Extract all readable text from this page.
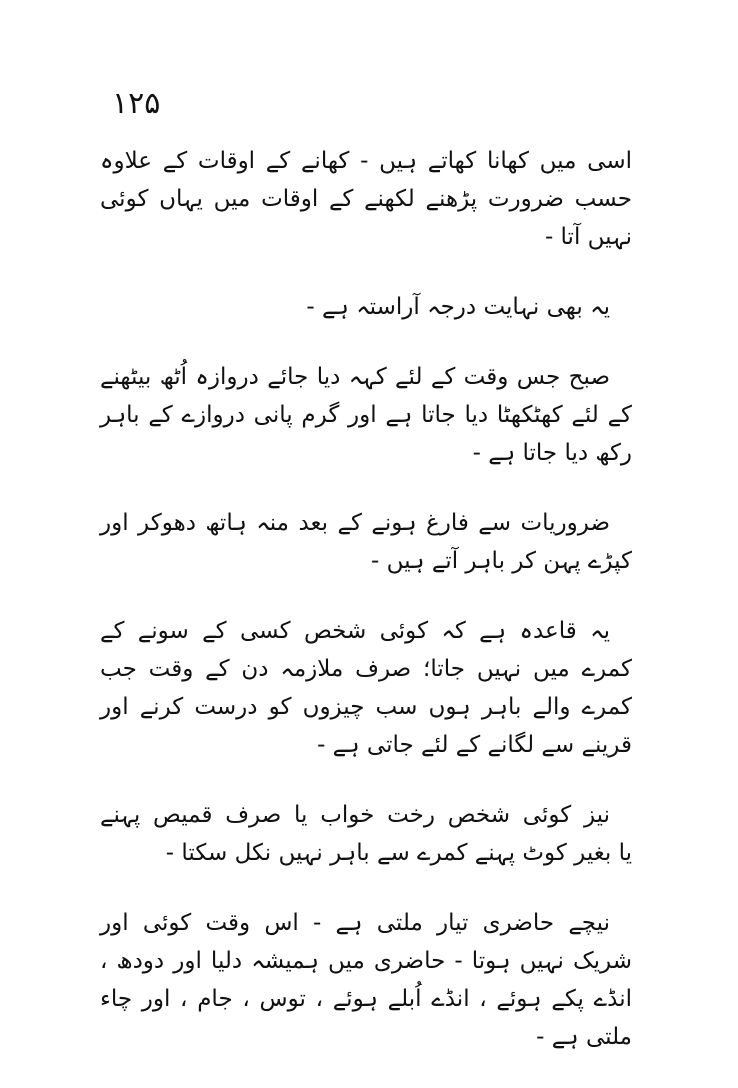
۱۲۵
اسی میں کھانا کھاتے ہیں - کھانے کے اوقات کے علاوہ
حسب ضرورت پڑھنے لکھنے کے اوقات میں یہاں کوئی
نہیں آتا -
یہ بھی نہایت درجہ آراستہ ہے -
صبح جس وقت کے لئے کہہ دیا جائے دروازہ اُٹھ بیٹھنے
کے لئے کھٹکھٹا دیا جاتا ہے اور گرم پانی دروازے کے باہر
رکھ دیا جاتا ہے -
ضروریات سے فارغ ہونے کے بعد منہ ہاتھ دھوکر اور
کپڑے پہن کر باہر آتے ہیں -
یہ قاعدہ ہے کہ کوئی شخص کسی کے سونے کے
کمرے میں نہیں جاتا؛ صرف ملازمہ دن کے وقت جب
کمرے والے باہر ہوں سب چیزوں کو درست کرنے اور
قرینے سے لگانے کے لئے جاتی ہے -
نیز کوئی شخص رخت خواب یا صرف قمیص پہنے
یا بغیر کوٹ پہنے کمرے سے باہر نہیں نکل سکتا -
نیچے حاضری تیار ملتی ہے - اس وقت کوئی اور
شریک نہیں ہوتا - حاضری میں ہمیشہ دلیا اور دودھ ،
انڈے پکے ہوئے ، انڈے اُبلے ہوئے ، توس ، جام ، اور چاء
ملتی ہے -
